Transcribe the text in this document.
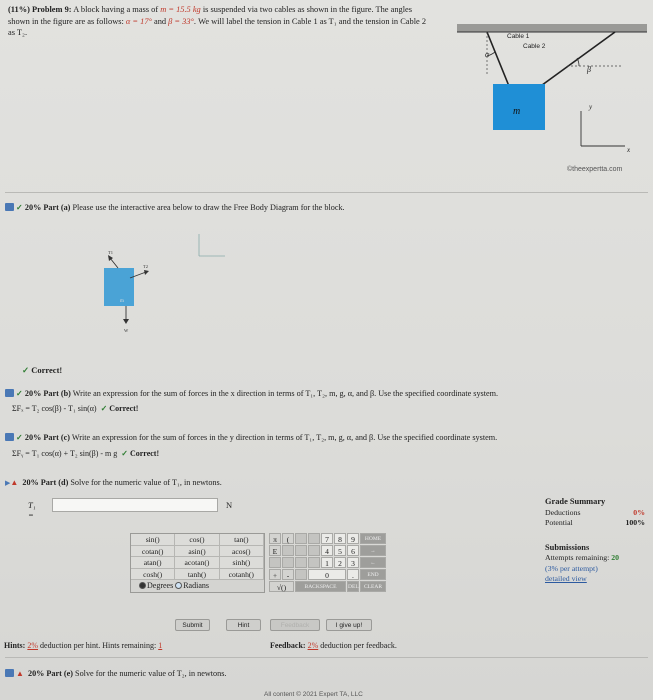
(11%) Problem 9: A block having a mass of m = 15.5 kg is suspended via two cables as shown in the figure. The angles shown in the figure are as follows: α = 17° and β = 33°. We will label the tension in Cable 1 as T₁ and the tension in Cable 2 as T₂.
α
Cable 1
Cable 2
β
m	y
x
©theexpertta.com
✓ 20% Part (a) Please use the interactive area below to draw the Free Body Diagram for the block.
m
T1
T2
W
✓ Correct!
✓ 20% Part (b) Write an expression for the sum of forces in the x direction in terms of T₁, T₂, m, g, α, and β. Use the specified coordinate system.
ΣFₓ = T₂ cos(β) - T₁ sin(α) ✓ Correct!
✓ 20% Part (c) Write an expression for the sum of forces in the y direction in terms of T₁, T₂, m, g, α, and β. Use the specified coordinate system.
ΣFᵧ = T₁ cos(α) + T₂ sin(β) - m g ✓ Correct!
▶▲ 20% Part (d) Solve for the numeric value of T₁, in newtons.
T₁ =
N
sin()	cos()	tan()
cotan()	asin()	acos()
atan()	acotan()	sinh()
cosh()	tanh()	cotanh()
Degrees Radians
π	(	7	8	9	HOME
E	4	5	6	→
1	2	3	←
+	-	0	.	END
√()	BACKSPACE	DEL CLEAR
Submit	Hint	Feedback	I give up!
Hints: 2% deduction per hint. Hints remaining: 1	Feedback: 2% deduction per feedback.
▲ 20% Part (e) Solve for the numeric value of T₂, in newtons.
Grade Summary
Deductions	0%
Potential	100%
Submissions
Attempts remaining: 20
(3% per attempt)
detailed view
All content © 2021 Expert TA, LLC
